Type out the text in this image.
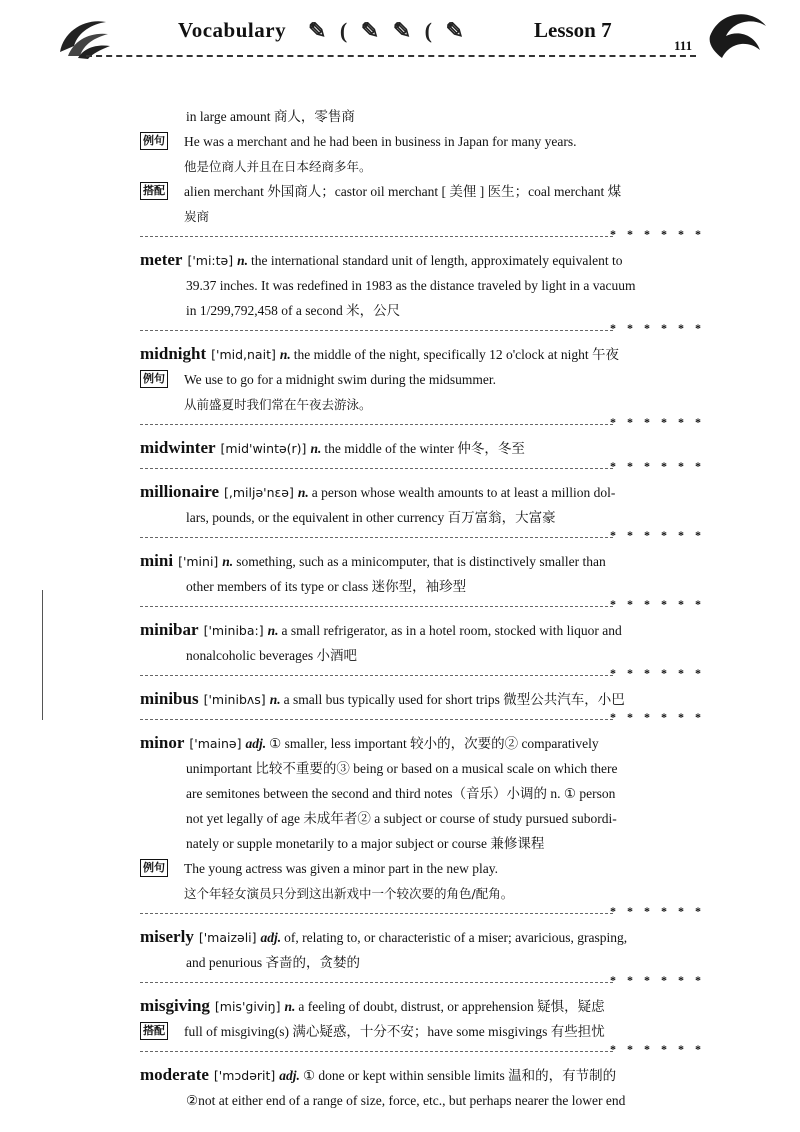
Vocabulary ✎ ( ✎ ✎ ( ✎	Lesson 7
111
in large amount 商人，零售商
例句 He was a merchant and he had been in business in Japan for many years.
他是位商人并且在日本经商多年。
搭配 alien merchant 外国商人；castor oil merchant [ 美俚 ] 医生；coal merchant 煤
炭商
* * * * * *
meter ['mi:tə] n. the international standard unit of length, approximately equivalent to
39.37 inches. It was redefined in 1983 as the distance traveled by light in a vacuum
in 1/299,792,458 of a second 米，公尺
* * * * * *
midnight ['mid,nait] n. the middle of the night, specifically 12 o'clock at night 午夜
例句 We use to go for a midnight swim during the midsummer.
从前盛夏时我们常在午夜去游泳。
* * * * * *
midwinter [mid'wintə(r)] n. the middle of the winter 仲冬，冬至
* * * * * *
millionaire [,miljə'nεə] n. a person whose wealth amounts to at least a million dol-
lars, pounds, or the equivalent in other currency 百万富翁，大富豪
* * * * * *
mini ['mini] n. something, such as a minicomputer, that is distinctively smaller than
other members of its type or class 迷你型，袖珍型
* * * * * *
minibar ['miniba:] n. a small refrigerator, as in a hotel room, stocked with liquor and
nonalcoholic beverages 小酒吧
* * * * * *
minibus ['minibʌs] n. a small bus typically used for short trips 微型公共汽车，小巴
* * * * * *
minor ['mainə] adj. ① smaller, less important 较小的，次要的② comparatively
unimportant 比较不重要的③ being or based on a musical scale on which there
are semitones between the second and third notes（音乐）小调的 n. ① person
not yet legally of age 未成年者② a subject or course of study pursued subordi-
nately or supple monetarily to a major subject or course 兼修课程
例句 The young actress was given a minor part in the new play.
这个年轻女演员只分到这出新戏中一个较次要的角色/配角。
* * * * * *
miserly ['maizəli] adj. of, relating to, or characteristic of a miser; avaricious, grasping,
and penurious 吝啬的，贪婪的
* * * * * *
misgiving [mis'giviŋ] n. a feeling of doubt, distrust, or apprehension 疑惧，疑虑
搭配 full of misgiving(s) 满心疑惑，十分不安；have some misgivings 有些担忧
* * * * * *
moderate ['mɔdərit] adj. ① done or kept within sensible limits 温和的，有节制的
②not at either end of a range of size, force, etc., but perhaps nearer the lower end
